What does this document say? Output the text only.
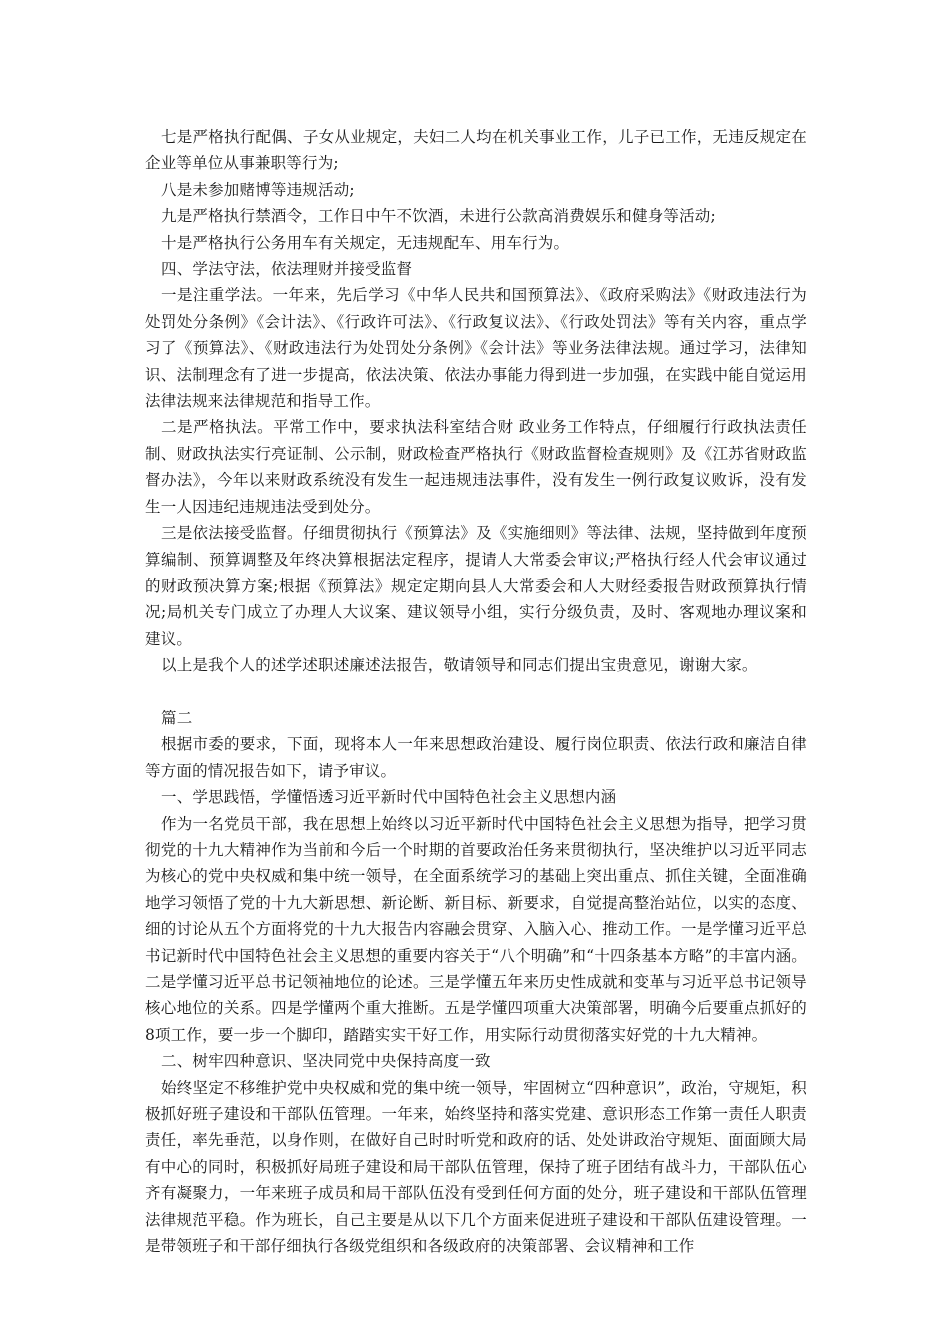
七是严格执行配偶、子女从业规定，夫妇二人均在机关事业工作，儿子已工作，无违反规定在企业等单位从事兼职等行为;

八是未参加赌博等违规活动;

九是严格执行禁酒令，工作日中午不饮酒，未进行公款高消费娱乐和健身等活动;

十是严格执行公务用车有关规定，无违规配车、用车行为。

四、学法守法，依法理财并接受监督

一是注重学法。一年来，先后学习《中华人民共和国预算法》、《政府采购法》《财政违法行为处罚处分条例》《会计法》、《行政许可法》、《行政复议法》、《行政处罚法》等有关内容，重点学习了《预算法》、《财政违法行为处罚处分条例》《会计法》等业务法律法规。通过学习，法律知识、法制理念有了进一步提高，依法决策、依法办事能力得到进一步加强，在实践中能自觉运用法律法规来法律规范和指导工作。

二是严格执法。平常工作中，要求执法科室结合财 政业务工作特点，仔细履行行政执法责任制、财政执法实行亮证制、公示制，财政检查严格执行《财政监督检查规则》及《江苏省财政监督办法》，今年以来财政系统没有发生一起违规违法事件，没有发生一例行政复议败诉，没有发生一人因违纪违规违法受到处分。

三是依法接受监督。仔细贯彻执行《预算法》及《实施细则》等法律、法规，坚持做到年度预算编制、预算调整及年终决算根据法定程序，提请人大常委会审议;严格执行经人代会审议通过的财政预决算方案;根据《预算法》规定定期向县人大常委会和人大财经委报告财政预算执行情况;局机关专门成立了办理人大议案、建议领导小组，实行分级负责，及时、客观地办理议案和建议。

以上是我个人的述学述职述廉述法报告，敬请领导和同志们提出宝贵意见，谢谢大家。

篇二

根据市委的要求，下面，现将本人一年来思想政治建设、履行岗位职责、依法行政和廉洁自律等方面的情况报告如下，请予审议。

一、学思践悟，学懂悟透习近平新时代中国特色社会主义思想内涵

作为一名党员干部，我在思想上始终以习近平新时代中国特色社会主义思想为指导，把学习贯彻党的十九大精神作为当前和今后一个时期的首要政治任务来贯彻执行，坚决维护以习近平同志为核心的党中央权威和集中统一领导，在全面系统学习的基础上突出重点、抓住关键，全面准确地学习领悟了党的十九大新思想、新论断、新目标、新要求，自觉提高整治站位，以实的态度、细的讨论从五个方面将党的十九大报告内容融会贯穿、入脑入心、推动工作。一是学懂习近平总书记新时代中国特色社会主义思想的重要内容关于“八个明确”和“十四条基本方略”的丰富内涵。二是学懂习近平总书记领袖地位的论述。三是学懂五年来历史性成就和变革与习近平总书记领导核心地位的关系。四是学懂两个重大推断。五是学懂四项重大决策部署，明确今后要重点抓好的8项工作，要一步一个脚印，踏踏实实干好工作，用实际行动贯彻落实好党的十九大精神。

二、树牢四种意识、坚决同党中央保持高度一致

始终坚定不移维护党中央权威和党的集中统一领导，牢固树立“四种意识”，政治，守规矩，积极抓好班子建设和干部队伍管理。一年来，始终坚持和落实党建、意识形态工作第一责任人职责责任，率先垂范，以身作则，在做好自己时时听党和政府的话、处处讲政治守规矩、面面顾大局有中心的同时，积极抓好局班子建设和局干部队伍管理，保持了班子团结有战斗力，干部队伍心齐有凝聚力，一年来班子成员和局干部队伍没有受到任何方面的处分，班子建设和干部队伍管理法律规范平稳。作为班长，自己主要是从以下几个方面来促进班子建设和干部队伍建设管理。一是带领班子和干部仔细执行各级党组织和各级政府的决策部署、会议精神和工作
